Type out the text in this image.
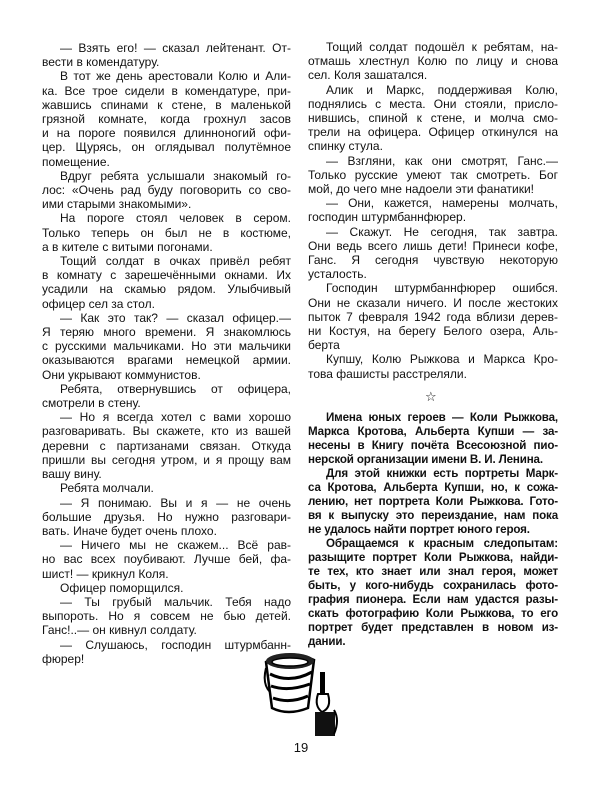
— Взять его! — сказал лейтенант. От-
вести в комендатуру.
В тот же день арестовали Колю и Али-
ка. Все трое сидели в комендатуре, при-
жавшись спинами к стене, в маленькой
грязной комнате, когда грохнул засов
и на пороге появился длинноногий офи-
цер. Щурясь, он оглядывал полутёмное
помещение.
Вдруг ребята услышали знакомый го-
лос: «Очень рад буду поговорить со сво-
ими старыми знакомыми».
На пороге стоял человек в сером.
Только теперь он был не в костюме,
а в кителе с витыми погонами.
Тощий солдат в очках привёл ребят
в комнату с зарешечёнными окнами. Их
усадили на скамью рядом. Улыбчивый
офицер сел за стол.
— Как это так? — сказал офицер.—
Я теряю много времени. Я знакомлюсь
с русскими мальчиками. Но эти мальчики
оказываются врагами немецкой армии.
Они укрывают коммунистов.
Ребята, отвернувшись от офицера,
смотрели в стену.
— Но я всегда хотел с вами хорошо
разговаривать. Вы скажете, кто из вашей
деревни с партизанами связан. Откуда
пришли вы сегодня утром, и я прощу вам
вашу вину.
Ребята молчали.
— Я понимаю. Вы и я — не очень
большие друзья. Но нужно разговари-
вать. Иначе будет очень плохо.
— Ничего мы не скажем... Всё рав-
но вас всех поубивают. Лучше бей, фа-
шист! — крикнул Коля.
Офицер поморщился.
— Ты грубый мальчик. Тебя надо
выпороть. Но я совсем не бью детей.
Ганс!..— он кивнул солдату.
— Слушаюсь, господин штурмбанн-
фюрер!
Тощий солдат подошёл к ребятам, на-
отмашь хлестнул Колю по лицу и снова
сел. Коля зашатался.
Алик и Маркс, поддерживая Колю,
поднялись с места. Они стояли, присло-
нившись, спиной к стене, и молча смо-
трели на офицера. Офицер откинулся на
спинку стула.
— Взгляни, как они смотрят, Ганс.—
Только русские умеют так смотреть. Бог
мой, до чего мне надоели эти фанатики!
— Они, кажется, намерены молчать,
господин штурмбаннфюрер.
— Скажут. Не сегодня, так завтра.
Они ведь всего лишь дети! Принеси кофе,
Ганс. Я сегодня чувствую некоторую
усталость.
Господин штурмбаннфюрер ошибся.
Они не сказали ничего. И после жестоких
пыток 7 февраля 1942 года вблизи дерев-
ни Костуя, на берегу Белого озера, Аль-
берта
Купшу, Колю Рыжкова и Маркса Кро-
това фашисты расстреляли.
☆
Имена юных героев — Коли Рыжкова,
Маркса Кротова, Альберта Купши — за-
несены в Книгу почёта Всесоюзной пио-
нерской организации имени В. И. Ленина.
Для этой книжки есть портреты Марк-
са Кротова, Альберта Купши, но, к сожа-
лению, нет портрета Коли Рыжкова. Гото-
вя к выпуску это переиздание, нам пока
не удалось найти портрет юного героя.
Обращаемся к красным следопытам:
разыщите портрет Коли Рыжкова, найди-
те тех, кто знает или знал героя, может
быть, у кого-нибудь сохранилась фото-
графия пионера. Если нам удастся разы-
скать фотографию Коли Рыжкова, то его
портрет будет представлен в новом из-
дании.
19
